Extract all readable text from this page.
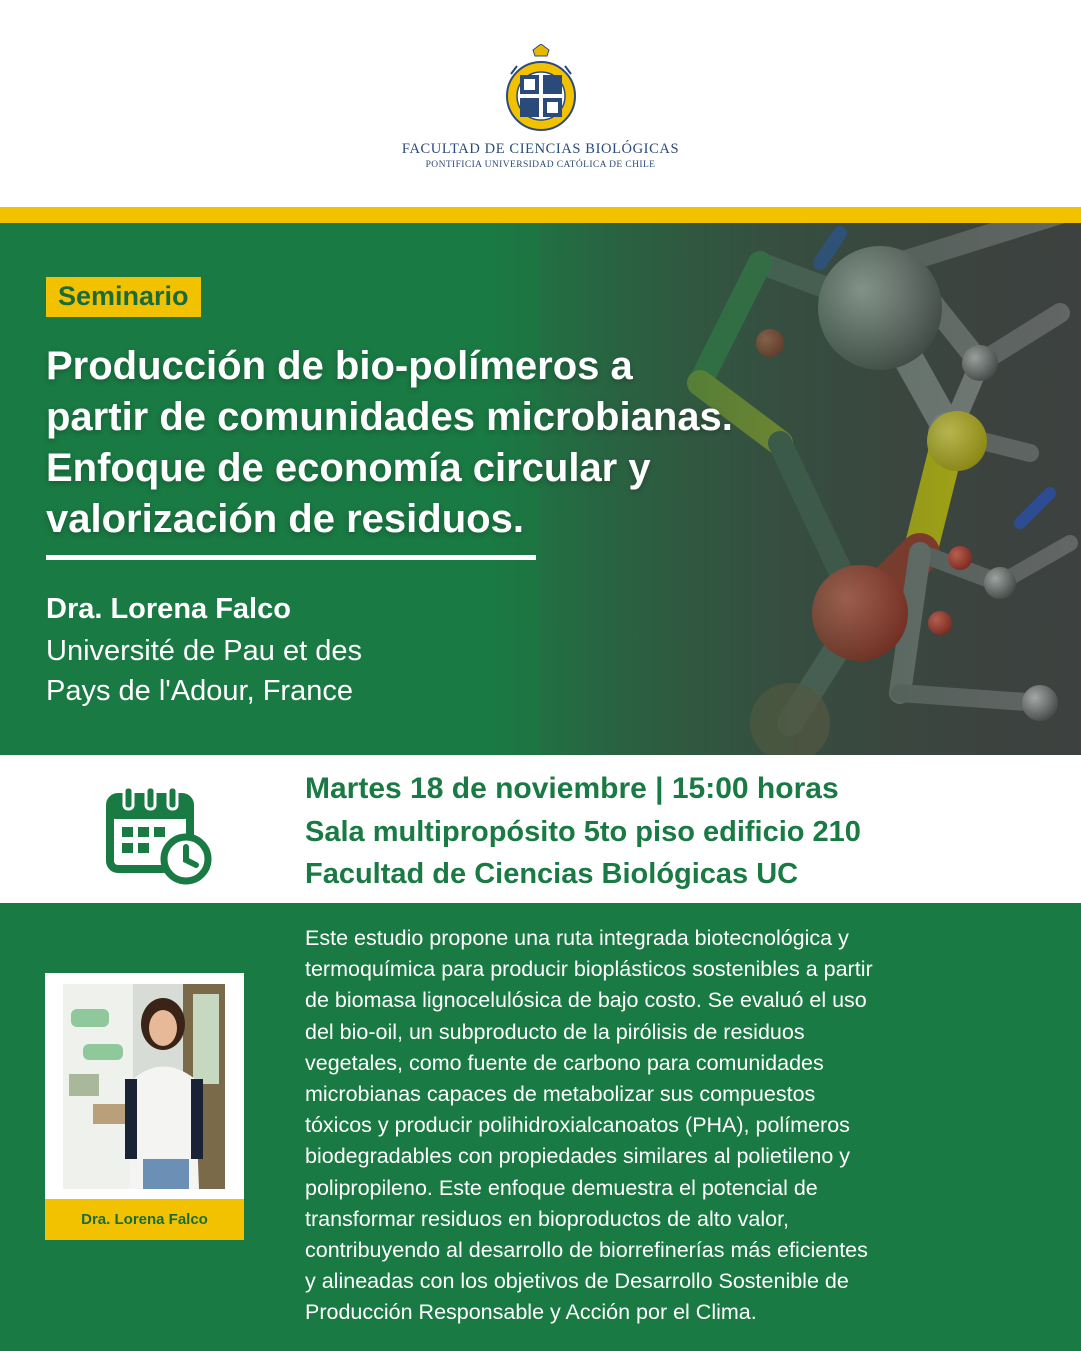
FACULTAD DE CIENCIAS BIOLÓGICAS
PONTIFICIA UNIVERSIDAD CATÓLICA DE CHILE
Seminario
Producción de bio-polímeros a
partir de comunidades microbianas.
Enfoque de economía circular y
valorización de residuos.
Dra. Lorena Falco
Université de Pau et des
Pays de l'Adour, France
Martes 18 de noviembre | 15:00 horas
Sala multipropósito 5to piso edificio 210
Facultad de Ciencias Biológicas UC
Dra. Lorena Falco
Este estudio propone una ruta integrada biotecnológica y
termoquímica para producir bioplásticos sostenibles a partir
de biomasa lignocelulósica de bajo costo. Se evaluó el uso
del bio-oil, un subproducto de la pirólisis de residuos
vegetales, como fuente de carbono para comunidades
microbianas capaces de metabolizar sus compuestos
tóxicos y producir polihidroxialcanoatos (PHA), polímeros
biodegradables con propiedades similares al polietileno y
polipropileno. Este enfoque demuestra el potencial de
transformar residuos en bioproductos de alto valor,
contribuyendo al desarrollo de biorrefinerías más eficientes
y alineadas con los objetivos de Desarrollo Sostenible de
Producción Responsable y Acción por el Clima.
